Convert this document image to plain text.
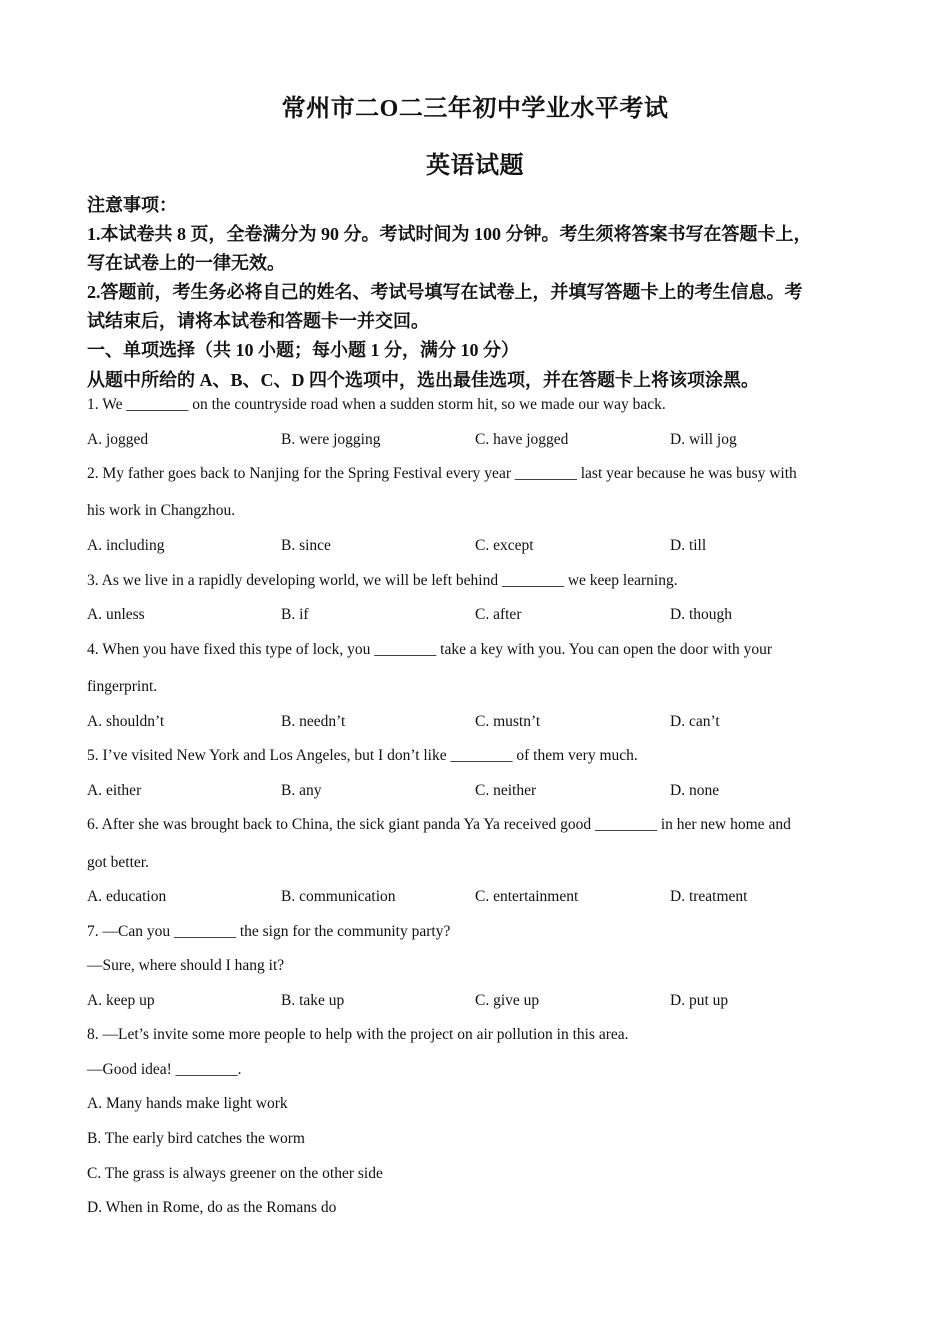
常州市二O二三年初中学业水平考试
英语试题
注意事项：
1.本试卷共 8 页，全卷满分为 90 分。考试时间为 100 分钟。考生须将答案书写在答题卡上，
写在试卷上的一律无效。
2.答题前，考生务必将自己的姓名、考试号填写在试卷上，并填写答题卡上的考生信息。考
试结束后，请将本试卷和答题卡一并交回。
一、单项选择（共 10 小题；每小题 1 分，满分 10 分）
从题中所给的 A、B、C、D 四个选项中，选出最佳选项，并在答题卡上将该项涂黑。
1. We ________ on the countryside road when a sudden storm hit, so we made our way back.
A. jogged	B. were jogging	C. have jogged	D. will jog
2. My father goes back to Nanjing for the Spring Festival every year ________ last year because he was busy with
his work in Changzhou.
A. including	B. since	C. except	D. till
3. As we live in a rapidly developing world, we will be left behind ________ we keep learning.
A. unless	B. if	C. after	D. though
4. When you have fixed this type of lock, you ________ take a key with you. You can open the door with your
fingerprint.
A. shouldn’t	B. needn’t	C. mustn’t	D. can’t
5. I’ve visited New York and Los Angeles, but I don’t like ________ of them very much.
A. either	B. any	C. neither	D. none
6. After she was brought back to China, the sick giant panda Ya Ya received good ________ in her new home and
got better.
A. education	B. communication	C. entertainment	D. treatment
7. —Can you ________ the sign for the community party?
—Sure, where should I hang it?
A. keep up	B. take up	C. give up	D. put up
8. —Let’s invite some more people to help with the project on air pollution in this area.
—Good idea! ________.
A. Many hands make light work
B. The early bird catches the worm
C. The grass is always greener on the other side
D. When in Rome, do as the Romans do
